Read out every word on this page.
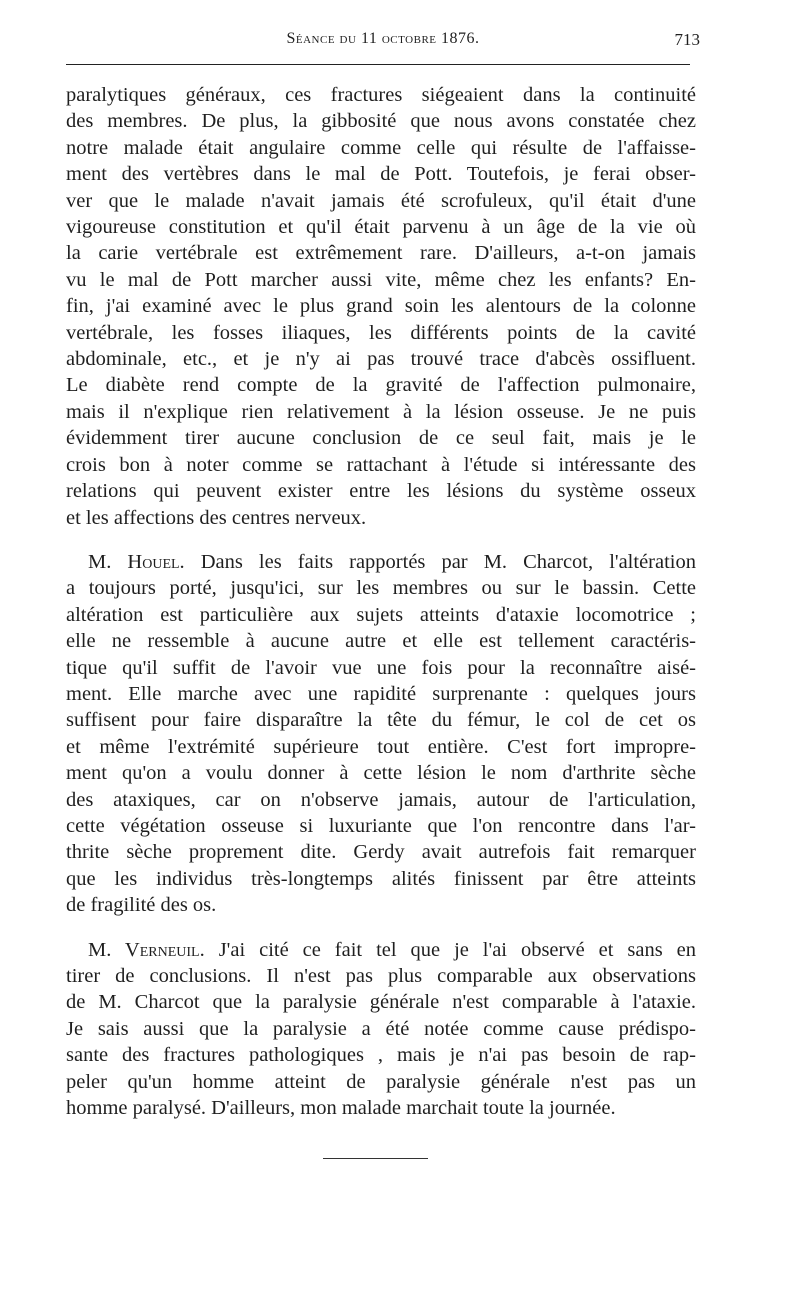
Séance du 11 octobre 1876.	713

paralytiques généraux, ces fractures siégeaient dans la continuité
des membres. De plus, la gibbosité que nous avons constatée chez
notre malade était angulaire comme celle qui résulte de l'affaisse-
ment des vertèbres dans le mal de Pott. Toutefois, je ferai obser-
ver que le malade n'avait jamais été scrofuleux, qu'il était d'une
vigoureuse constitution et qu'il était parvenu à un âge de la vie où
la carie vertébrale est extrêmement rare. D'ailleurs, a-t-on jamais
vu le mal de Pott marcher aussi vite, même chez les enfants? En-
fin, j'ai examiné avec le plus grand soin les alentours de la colonne
vertébrale, les fosses iliaques, les différents points de la cavité
abdominale, etc., et je n'y ai pas trouvé trace d'abcès ossifluent.
Le diabète rend compte de la gravité de l'affection pulmonaire,
mais il n'explique rien relativement à la lésion osseuse. Je ne puis
évidemment tirer aucune conclusion de ce seul fait, mais je le
crois bon à noter comme se rattachant à l'étude si intéressante des
relations qui peuvent exister entre les lésions du système osseux
et les affections des centres nerveux.

M. Houel. Dans les faits rapportés par M. Charcot, l'altération
a toujours porté, jusqu'ici, sur les membres ou sur le bassin. Cette
altération est particulière aux sujets atteints d'ataxie locomotrice ;
elle ne ressemble à aucune autre et elle est tellement caractéris-
tique qu'il suffit de l'avoir vue une fois pour la reconnaître aisé-
ment. Elle marche avec une rapidité surprenante : quelques jours
suffisent pour faire disparaître la tête du fémur, le col de cet os
et même l'extrémité supérieure tout entière. C'est fort impropre-
ment qu'on a voulu donner à cette lésion le nom d'arthrite sèche
des ataxiques, car on n'observe jamais, autour de l'articulation,
cette végétation osseuse si luxuriante que l'on rencontre dans l'ar-
thrite sèche proprement dite. Gerdy avait autrefois fait remarquer
que les individus très-longtemps alités finissent par être atteints
de fragilité des os.

M. Verneuil. J'ai cité ce fait tel que je l'ai observé et sans en
tirer de conclusions. Il n'est pas plus comparable aux observations
de M. Charcot que la paralysie générale n'est comparable à l'ataxie.
Je sais aussi que la paralysie a été notée comme cause prédispo-
sante des fractures pathologiques , mais je n'ai pas besoin de rap-
peler qu'un homme atteint de paralysie générale n'est pas un
homme paralysé. D'ailleurs, mon malade marchait toute la journée.
